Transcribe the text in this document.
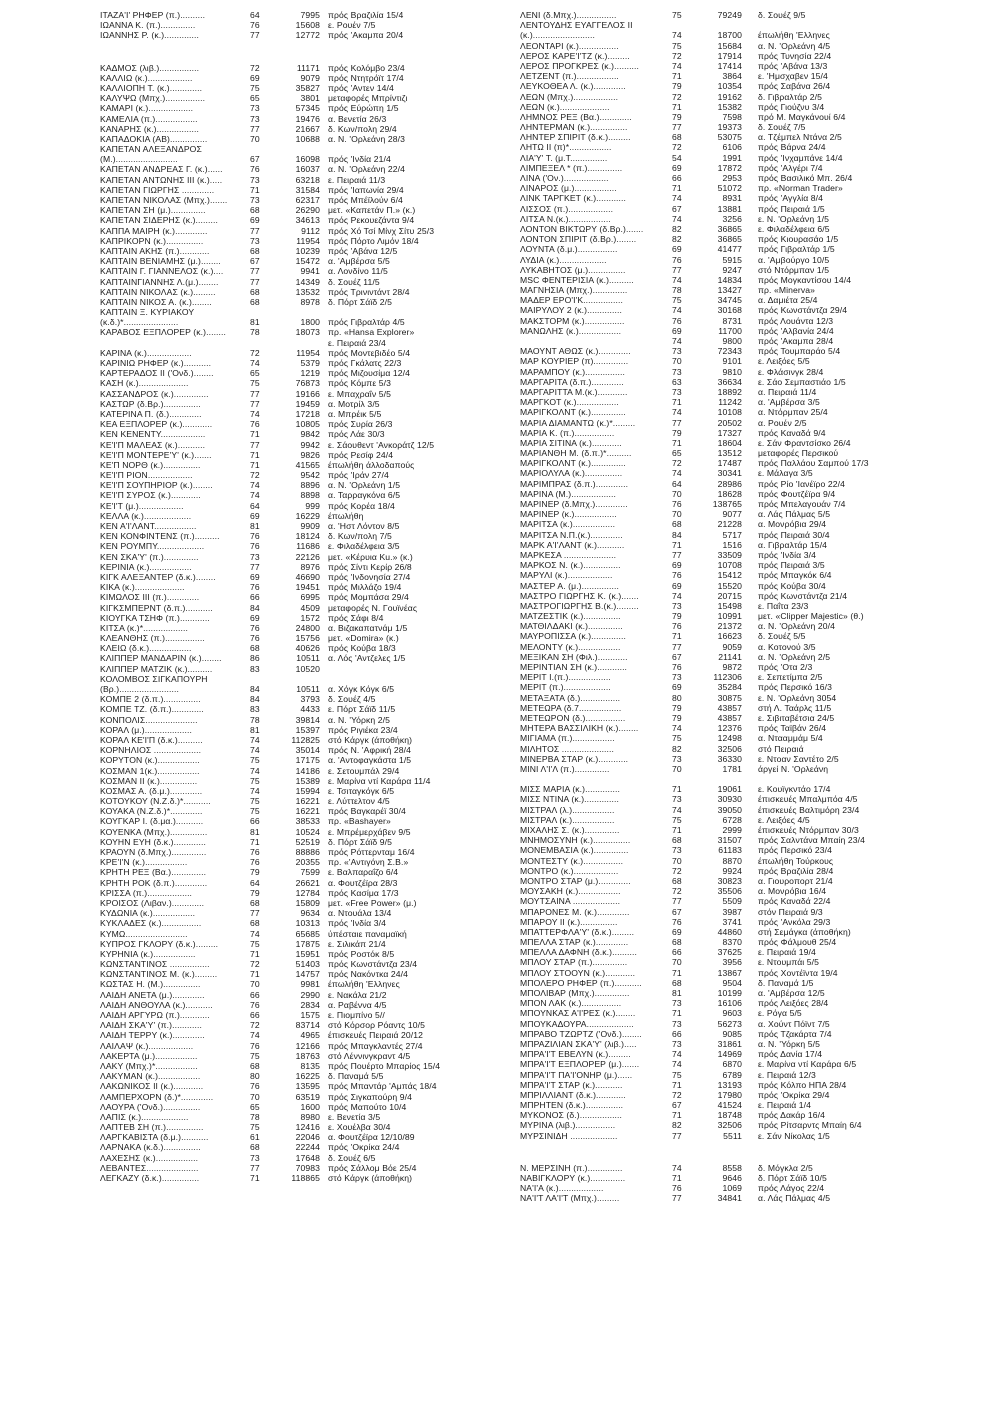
ΙΤΑΖΑ'Ι' ΡΗΦΕΡ (π.)..........	64	7995 πρός Βραζιλία 15/4
ΙΩΑΝΝΑ Κ. (π.)..............	76	15608 ε. Ρουέν 7/5
ΙΩΑΝΝΗΣ Ρ. (κ.)..............	77	12772 πρός 'Ακαμπα 20/4
ΚΑΔΜΟΣ (λιβ.)................	72	11171 πρός Κολόμβο 23/4
ΚΑΛΛΙΩ (κ.)..................	69	9079 πρός Ντητρόϊτ 17/4
ΚΑΛΛΙΟΠΗ Τ. (κ.).............	75	35827 πρός 'Αντεν 14/4
ΚΑΛΥΨΩ (Μπχ.)................	65	3801 μεταφορές Μπρίντιζι
ΚΑΜΑΡΙ (κ.)..................	73	57345 πρός Εύρώπη 1/5
ΚΑΜΕΛΙΑ (π.).................	73	19476 α. Βενετία 26/3
ΚΑΝΑΡΗΣ (κ.).................	77	21667 δ. Κων/πολη 29/4
ΚΑΠΑΔΟΚΙΑ (ΑΒ)...............	70	10688 α. Ν. 'Ορλεάνη 28/3
ΚΑΠΕΤΑΝ ΑΛΕΞΑΝΔΡΟΣ
(Μ.).........................	67	16098 πρός 'Ινδία 21/4
ΚΑΠΕΤΑΝ ΑΝΔΡΕΑΣ Γ. (κ.)......	76	16037 α. Ν. 'Ορλεάνη 22/4
ΚΑΠΕΤΑΝ ΑΝΤΩΝΗΣ ΙΙΙ (κ.).....	73	63218 ε. Πειραιά 11/3
ΚΑΠΕΤΑΝ ΓΙΩΡΓΗΣ .............	71	31584 πρός 'Ιαπωνία 29/4
ΚΑΠΕΤΑΝ ΝΙΚΟΛΑΣ (Μπχ.).......	73	62317 πρός Μπέϊλούν 6/4
ΚΑΠΕΤΑΝ ΣΗ (μ.)..............	68	26290 μετ. «Καπετάν Π.» (κ.)
ΚΑΠΕΤΑΝ ΣΙΔΕΡΗΣ (κ.).........	69	34613 πρός Ρεκουεζάντα 9/4
ΚΑΠΠΑ ΜΑΙΡΗ (κ.).............	77	9112 πρός Χό Τσί Μίνχ Σίτυ 25/3
ΚΑΠΡΙΚΟΡΝ (κ.)...............	73	11954 πρός Πόρτο Λιμόν 18/4
ΚΑΠΤΑΙΝ ΑΚΗΣ (π.)............	68	10239 πρός 'Αβάνα 12/5
ΚΑΠΤΑΙΝ ΒΕΝΙΑΜΗΣ (μ.)........	67	15472 α. 'Αμβέρσα 5/5
ΚΑΠΤΑΙΝ Γ. ΓΙΑΝΝΕΛΟΣ (κ.)....	77	9941 α. Λονδίνο 11/5
ΚΑΠΤΑΙΝΓΙΑΝΝΗΣ Λ.(μ.)........	77	14349 δ. Σουέζ 11/5
ΚΑΠΤΑΙΝ ΝΙΚΟΛΑΣ (κ.).........	68	13532 πρός Τρινιντάντ 28/4
ΚΑΠΤΑΙΝ ΝΙΚΟΣ Α. (κ.)........	68	8978 δ. Πόρτ Σάϊδ 2/5
ΚΑΠΤΑΙΝ Ξ. ΚΥΡΙΑΚΟΥ
(κ.δ.)*......................	81	1800 πρός Γιβραλτάρ 4/5
ΚΑΡΑΒΟΣ ΕΞΠΛΟΡΕΡ (κ.)........	78	18073 πρ. «Hansa Explorer»
ε. Πειραιά 23/4
ΚΑΡΙΝΑ (κ.)..................	72	11954 πρός Μοντεβιδέο 5/4
ΚΑΡΙΝΙΩ ΡΗΦΕΡ (κ.)...........	74	5379 πρός Γκάλατς 22/3
ΚΑΡΤΕΡΑΔΟΣ ΙΙ ('Ονδ.)........	65	1219 πρός Μιζουσίμα 12/4
ΚΑΣΗ (κ.)....................	75	76873 πρός Κόμπε 5/3
ΚΑΣΣΑΝΔΡΟΣ (κ.)..............	77	19166 ε. Μπαχραΐν 5/5
ΚΑΣΤΩΡ (δ.Βρ.)...............	77	19459 α. Μοτρίλ 3/5
ΚΑΤΕΡΙΝΑ Π. (δ.).............	74	17218 α. Μπρέικ 5/5
ΚΕΑ ΕΞΠΛΟΡΕΡ (κ.)............	76	10805 πρός Συρία 26/3
ΚΕΝ ΚΕΝΕΝΤΥ..................	71	9842 πρός Λάε 30/3
ΚΕ'Ι'Π ΜΑΛΕΑΣ (κ.)...........	77	9942 ε. Σάουθεντ 'Ανκοράτζ 12/5
ΚΕ'Ι'Π ΜΟΝΤΕΡΕ'Υ' (κ.).......	71	9826 πρός Ρεσίφ 24/4
ΚΕ'Π ΝΟΡΘ (κ.)...............	71	41565 έπωλήθη άλλοδαπούς
ΚΕ'Ι'Π ΡΙΟΝ..................	72	9542 πρός 'Ιράν 27/4
ΚΕ'Ι'Π ΣΟΥΠΗΡΙΟΡ (κ.)........	74	8896 α. Ν. 'Ορλεάνη 1/5
ΚΕ'Ι'Π ΣΥΡΟΣ (κ.)............	74	8898 α. Ταρραγκόνα 6/5
ΚΕ'Ι'Τ (μ.)..................	64	999 πρός Κορέα 18/4
ΚΕΛΛΑ (κ.)...................	69	16229 έπωλήθη
ΚΕΝ Α'Ι'ΛΑΝΤ.................	81	9909 α. 'Ηστ Λόντον 8/5
ΚΕΝ ΚΟΝΦΙΝΤΕΝΣ (π.)..........	76	18124 δ. Κων/πολη 7/5
ΚΕΝ ΡΟΥΜΠΥ...................	76	11686 ε. Φιλαδέλφεια 3/5
ΚΕΝ ΣΚΑ'Υ' (π.)..............	73	22126 μετ. «Κέρυια Ku.» (κ.)
ΚΕΡΙΝΙΑ (κ.).................	77	8976 πρός Σίντι Κερίρ 26/8
ΚΙΓΚ ΑΛΕΞΑΝΤΕΡ (δ.κ.)........	69	46690 πρός 'Ινδονησία 27/4
ΚΙΚΑ (κ.)....................	76	19451 πρός Μιλλάζο 19/4
ΚΙΜΩΛΟΣ ΙΙΙ (π.).............	66	6995 πρός Μομπάσα 29/4
ΚΙΓΚΣΜΠΕΡΝΤ (δ.π.)...........	84	4509 μεταφορές Ν. Γουϊνέας
ΚΙΟΥΓΚΑ ΤΣΗΦ (π.)............	69	1572 πρός Σάφι 8/4
ΚΙΤΣΑ (κ.)*..................	76	24800 α. Βιζακαπατνάμ 1/5
ΚΛΕΑΝΘΗΣ (π.)................	76	15756 μετ. «Domira» (κ.)
ΚΛΕΙΩ (δ.κ.).................	68	40626 πρός Κούβα 18/3
ΚΛΙΠΠΕΡ ΜΑΝΔΑΡΙΝ (κ.)........	86	10511 α. Λός 'Αντζελες 1/5
ΚΛΙΠΠΕΡ ΜΑΤΖΙΚ (κ.)..........	83	10520
ΚΟΛΟΜΒΟΣ ΣΙΓΚΑΠΟΥΡΗ
(Βρ.)........................	84	10511 α. Χόγκ Κόγκ 6/5
ΚΟΜΠΕ 2 (δ.π.)...............	84	3793 δ. Σουέζ 4/5
ΚΟΜΠΕ ΤΖ. (δ.π.).............	83	4433 ε. Πόρτ Σάϊδ 11/5
ΚΟΝΠΟΛΙΣ.....................	78	39814 α. Ν. 'Υόρκη 2/5
ΚΟΡΑΛ (μ.)...................	81	15397 πρός Ριγιέκα 23/4
ΚΟΡΑΛ ΚΕ'Ι'Π (δ.κ.)..........	74	112825 στό Κάργκ (άποθήκη)
ΚΟΡΝΗΛΙΟΣ ...................	74	35014 πρός Ν. 'Αφρική 28/4
ΚΟΡΥΤΟΝ (κ.).................	75	17175 α. 'Αντοφαγκάστα 1/5
ΚΟΣΜΑΝ 1(κ.).................	74	14186 ε. Σετουμπάλ 29/4
ΚΟΣΜΑΝ ΙΙ (κ.)...............	75	15389 ε. Μαρίνα ντί Καράρα 11/4
ΚΟΣΜΑΣ Α. (δ.μ.).............	74	15994 ε. Τσιταγκόγκ 6/5
ΚΟΤΟΥΚΟΥ (Ν.Ζ.δ.)*...........	75	16221 ε. Λύττελτον 4/5
ΚΟΥΑΚΑ (Ν.Ζ.δ.)*.............	75	16221 πρός Βαγκαρέϊ 30/4
ΚΟΥΓΚΑΡ Ι. (δ.μα.)...........	66	38533 πρ. «Bashayer»
ΚΟΥΕΝΚΑ (Μπχ.)...............	81	10524 ε. Μπρέμερχάβεν 9/5
ΚΟΥΗΝ ΕΥΗ (δ.κ.).............	71	52519 δ. Πόρτ Σάϊδ 9/5
ΚΡΑΟΥΝ (δ.Μπχ.)..............	76	88886 πρός Ρόττερνταμ 16/4
ΚΡΕ'Ι'Ν (κ.).................	76	20355 πρ. «'Αντιγόνη Σ.Β.»
ΚΡΗΤΗ ΡΕΞ (Βα.)..............	79	7599 ε. Βαλπαραΐζο 6/4
ΚΡΗΤΗ ΡΟΚ (δ.π.).............	64	26621 α. Φουτζέϊρα 28/3
ΚΡΙΣΣΑ (π.)..................	79	12784 πρός Κασίμα 17/3
ΚΡΟΙΣΟΣ (Λιβαν.).............	68	15809 μετ. «Free Power» (μ.)
ΚΥΔΩΝΙΑ (κ.).................	77	9634 α. Ντουάλα 13/4
ΚΥΚΛΑΔΕΣ (κ.)................	68	10313 πρός 'Ινδία 3/4
ΚΥΜΩ.........................	74	65685 ύπέσταιε παναμαϊκή
ΚΥΠΡΟΣ ΓΚΛΟΡΥ (δ.κ.).........	75	17875 ε. Σιλικάπ 21/4
ΚΥΡΗΝΙΑ (κ.).................	71	15951 πρός Ροστόκ 8/5
ΚΩΝΣΤΑΝΤΙΝΟΣ ................	72	51403 πρός Κωνστάντζα 23/4
ΚΩΝΣΤΑΝΤΙΝΟΣ Μ. (κ.).........	71	14757 πρός Νακόντκα 24/4
ΚΩΣΤΑΣ Η. (Μ.)...............	70	9981 έπωλήθη 'Ελληνες
ΛΑΙΔΗ ΑΝΕΤΑ (μ.).............	66	2990 ε. Νακάλα 21/2
ΛΑΙΔΗ ΑΝΘΟΥΛΑ (κ.)...........	76	2834 α. Ραβέννα 4/5
ΛΑΙΔΗ ΑΡΓΥΡΩ (π.)............	66	1575 ε. Πιομπίνο 5//
ΛΑΙΔΗ ΣΚΑ'Υ' (π.)............	72	83714 στό Κόρσορ Ρόαντς 10/5
ΛΑΙΔΗ ΤΕΡΡΥ (κ.).............	74	4965 έπισκευές Πειραιά 20/12
ΛΑΙΛΑΨ (κ.)..................	76	12166 πρός Μπαγκλαντές 27/4
ΛΑΚΕΡΤΑ (μ.).................	75	18763 στό Λέννινγκραντ 4/5
ΛΑΚΥ (Μπχ.)*.................	68	8135 πρός Πουέρτο Μπαρίος 15/4
ΛΑΚΥΜΑΝ (κ.).................	80	16225 δ. Παναμά 5/5
ΛΑΚΩΝΙΚΟΣ ΙΙ (κ.)............	76	13595 πρός Μπαντάρ 'Αμπάς 18/4
ΛΑΜΠΕΡΧΟΡΝ (δ.)*.............	70	63519 πρός Σιγκαπούρη 9/4
ΛΑΟΥΡΑ ('Ονδ.)...............	65	1600 πρός Μαπούτο 10/4
ΛΑΠΙΣ (κ.)...................	78	8980 ε. Βενετία 3/5
ΛΑΠΤΕΒ ΣΗ (π.)...............	75	12416 ε. Χουέλβα 30/4
ΛΑΡΓΚΑΒΙΣΤΑ (δ.μ.)...........	61	22046 α. Φουτζέϊρα 12/10/89
ΛΑΡΝΑΚΑ (κ.δ.)...............	68	22244 πρός 'Οκρίκα 24/4
ΛΑΧΕΣΗΣ (κ.).................	73	17648 δ. Σουέζ 6/5
ΛΕΒΑΝΤΕΣ.....................	77	70983 πρός Σάλλομ Βόε 25/4
ΛΕΓΚΑΖΥ (δ.κ.)...............	71	118865 στό Κάργκ (άποθήκη)
ΛΕΝΙ (δ.Μπχ.)................	75	79249 δ. Σουέζ 9/5
ΛΕΝΤΟΥΔΗΣ ΕΥΑΓΓΕΛΟΣ ΙΙ
(κ.).........................	74	18700 έπωλήθη 'Ελληνες
ΛΕΟΝΤΑΡΙ (κ.)................	75	15684 α. Ν. 'Ορλεάνη 4/5
ΛΕΡΟΣ ΚΑΡΕ'Ι'ΤΖ (κ.).........	72	17914 πρός Τυνησία 22/4
ΛΕΡΟΣ ΠΡΟΓΚΡΕΣ (κ.)..........	74	17414 πρός 'Αβάνα 13/3
ΛΕΤΖΕΝΤ (π.).................	71	3864 ε. 'Ημσχαβεν 15/4
ΛΕΥΚΟΘΕΑ Λ. (κ.).............	79	10354 πρός Σαβάνα 26/4
ΛΕΩΝ (Μπχ.)..................	72	19162 δ. Γιβραλτάρ 2/5
ΛΕΩΝ (κ.)....................	71	15382 πρός Γιούζνυ 3/4
ΛΗΜΝΟΣ ΡΕΞ (Βα.).............	79	7598 πρό Μ. Μαγκάνουί 6/4
ΛΗΝΤΕΡΜΑΝ (κ.)...............	77	19373 δ. Σουέζ 7/5
ΛΗΝΤΕΡ ΣΠΙΡΙΤ (δ.κ.).........	68	53075 α. Τζέμπελ Ντάνα 2/5
ΛΗΤΩ ΙΙ (π)*.................	72	6106 πρός Βάρνα 24/4
ΛΙΑ'Υ' Τ. (μ.Τ...............	54	1991 πρός 'Ινχαμπάνε 14/4
ΛΙΜΠΕΞΕΛ * (π.)..............	69	17872 πρός 'Αλγέρι 7/4
ΛΙΝΑ ('Ον.)..................	66	2953 πρός Βασιλικό Μπ. 26/4
ΛΙΝΑΡΟΣ (μ.).................	71	51072 πρ. «Norman Trader»
ΛΙΝΚ ΤΑΡΓΚΕΤ (κ.)............	74	8931 πρός 'Αγγλία 8/4
ΛΙΣΣΟΣ (π.)..................	67	13881 πρός Πειραιά 1/5
ΛΙΤΣΑ Ν.(κ.).................	74	3256 ε. Ν. 'Ορλεάνη 1/5
ΛΟΝΤΟΝ ΒΙΚΤΩΡΥ (δ.Βρ.).......	82	36865 ε. Φιλαδέλφεια 6/5
ΛΟΝΤΟΝ ΣΠΙΡΙΤ (δ.Βρ.)........	82	36865 πρός Κιουρασάο 1/5
ΛΟΥΝΤΑ (δ.μ.)................	69	41477 πρός Γιβραλτάρ 1/5
ΛΥΔΙΑ (κ.)...................	76	5915 α. 'Αμβούργο 10/5
ΛΥΚΑΒΗΤΟΣ (μ.)...............	77	9247 στό Ντόρμπαν 1/5
MSC ΦΕΝΤΕΡΙΣΙΑ (κ.)..........	74	14834 πρός Μογκαντίσου 14/4
ΜΑΓΝΗΣΙΑ (Μπχ.)..............	78	13427 πρ. «Minerva»
ΜΑΔΕΡ ΕΡΟ'Ι'Κ................	75	34745 α. Δαμιέτα 25/4
ΜΑΙΡΥΛΟΥ 2 (κ.)..............	74	30168 πρός Κωνστάντζα 29/4
ΜΑΚΣΤΟΡΜ (κ.)................	76	8731 πρός Λουάντα 12/3
ΜΑΝΩΛΗΣ (κ.).................	69	11700 πρός 'Αλβανία 24/4
74	9800 πρός 'Ακαμπα 28/4
ΜΑΟΥΝΤ ΑΘΩΣ (κ.).............	73	72343 πρός Τουμπαράο 5/4
ΜΑΡ ΚΟΥΡΙΕΡ (π)..............	70	9101 ε. Λειξόες 5/5
ΜΑΡΑΜΠΟΥ (κ.)................	73	9810 ε. Φλάσινγκ 28/4
ΜΑΡΓΑΡΙΤΑ (δ.π.).............	63	36634 ε. Σάο Σεμπαστιάο 1/5
ΜΑΡΓΑΡΙΤΤΑ Μ.(κ.)............	73	18892 α. Πειραιά 11/4
ΜΑΡΓΚΟΤ (κ.).................	71	11242 α. 'Αμβέρσα 3/5
ΜΑΡΙΓΚΟΛΝΤ (κ.)..............	74	10108 α. Ντόρμπαν 25/4
ΜΑΡΙΑ ΔΙΑΜΑΝΤΩ (κ.)*.........	77	20502 α. Ρουέν 2/5
ΜΑΡΙΑ Κ. (π.)................	79	17327 πρός Καναδά 9/4
ΜΑΡΙΑ ΣΙΤΙΝΑ (κ.)............	71	18604 ε. Σάν Φραντσίσκο 26/4
ΜΑΡΙΑΝΘΗ Μ. (δ.π.)*..........	65	13512 μεταφορές Περσικού
ΜΑΡΙΓΚΟΛΝΤ (κ.)..............	72	17487 πρός Παλλάου Σαμπού 17/3
ΜΑΡΙΟΛΥΛΑ (κ.)...............	74	30341 ε. Μάλαγα 3/5
ΜΑΡΙΜΠΡΑΣ (δ.π.).............	64	28986 πρός Ρίο 'Ιανέϊρο 22/4
ΜΑΡΙΝΑ (Μ.)..................	70	18628 πρός Φουτζέϊρα 9/4
ΜΑΡΙΝΕΡ (δ.Μπχ.).............	76	138765 πρός Μπελαγουάν 7/4
ΜΑΡΙΝΕΡ (κ.).................	70	9077 α. Λάς Πάλμας 5/5
ΜΑΡΙΤΣΑ (κ.).................	68	21228 α. Μονρόβια 29/4
ΜΑΡΙΤΣΑ Ν.Π.(κ.).............	84	5717 πρός Πειραιά 30/4
ΜΑΡΚ Α'Ι'ΛΑΝΤ (κ.)...........	71	1516 α. Γιβραλτάρ 15/4
ΜΑΡΚΕΣΑ .....................	77	33509 πρός 'Ινδία 3/4
ΜΑΡΚΟΣ Ν. (κ.)...............	69	10708 πρός Πειραιά 3/5
ΜΑΡΥΛΙ (κ.)..................	76	15412 πρός Μπαγκόκ 6/4
ΜΑΣΤΕΡ Α. (μ.)...............	69	15520 πρός Κούβα 30/4
ΜΑΣΤΡΟ ΓΙΩΡΓΗΣ Κ. (κ.).......	74	20715 πρός Κωνστάντζα 21/4
ΜΑΣΤΡΟΓΙΩΡΓΗΣ Β.(κ.).........	73	15498 ε. Παΐτα 23/3
ΜΑΤΖΕΣΤΙΚ (κ.)...............	79	10991 μετ. «Clipper Majestic» (θ.)
ΜΑΤΘΙΛΔΑΚΙ (κ.)..............	76	21372 α. Ν. 'Ορλεάνη 20/4
ΜΑΥΡΟΠΙΣΣΑ (κ.)..............	71	16623 δ. Σουέζ 5/5
ΜΕΛΟΝΤΥ (κ.).................	77	9059 α. Κοτονού 3/5
ΜΕΞΙΚΑΝ ΣΗ (Φιλ.)............	67	21141 α. Ν. 'Ορλεάνη 2/5
ΜΕΡΙΝΤΙΑΝ ΣΗ (κ.)............	76	9872 πρός 'Οτα 2/3
ΜΕΡΙΤ Ι.(π.).................	73	112306 ε. Σεπετίμπα 2/5
ΜΕΡΙΤ (π.)...................	69	35284 πρός Περσικό 16/3
ΜΕΤΑΞΑΤΑ (δ.)................	80	30875 ε. Ν. 'Ορλεάνη 3054
ΜΕΤΕΩΡΑ (δ.7.................	79	43857 στή Λ. Ταάρλς 11/5
ΜΕΤΕΩΡΟΝ (δ.)................	79	43857 ε. Σιβιταβέτσια 24/5
ΜΗΤΕΡΑ ΒΑΣΣΙΛΙΚΗ (κ.)........	74	12376 πρός Ταϊβάν 26/4
ΜΙΓΙΑΜΑ (π.).................	75	12498 α. Ντααμμάμ 5/4
ΜΙΛΗΤΟΣ .....................	82	32506 στό Πειραιά
ΜΙΝΕΡΒΑ ΣΤΑΡ (κ.)............	73	36330 ε. Ντοαν Σαντέτο 2/5
ΜΙΝΙ Λ'Ι'Λ (π.)..............	70	1781 άργεί Ν. 'Ορλεάνη
ΜΙΣΣ ΜΑΡΙΑ (κ.)..............	71	19061 ε. Κουϊγκντάο 17/4
ΜΙΣΣ ΝΤΙΝΑ (κ.)..............	73	30930 έπισκευές Μπαλμπόα 4/5
ΜΙΣΤΡΑΛ (λ.).................	74	39050 έπισκευές Βαλτιμόρη 23/4
ΜΙΣΤΡΑΛ (κ.).................	75	6728 ε. Λειξόες 4/5
ΜΙΧΑΛΗΣ Σ. (κ.)..............	71	2999 έπισκευές Ντόρμπαν 30/3
ΜΝΗΜΟΣΥΝΗ (κ.)...............	68	31507 πρός Σαλντάνα Μπαίη 23/4
ΜΟΝΕΜΒΑΣΙΑ (κ.)..............	73	61183 πρός Περσικό 23/4
ΜΟΝΤΕΣΤΥ (κ.)................	70	8870 έπωλήθη Τούρκους
ΜΟΝΤΡΟ (κ.)..................	72	9924 πρός Βραζιλία 28/4
ΜΟΝΤΡΟ ΣΤΑΡ (μ.).............	68	30823 α. Γιουροπορτ 21/4
ΜΟΥΣΑΚΗ (κ.).................	72	35506 α. Μονρόβια 16/4
ΜΟΥΤΣΑΙΝΑ ...................	77	5509 πρός Καναδά 22/4
ΜΠΑΡΟΝΕΣ Μ. (κ.).............	67	3987 στόν Πειραιά 9/3
ΜΠΑΡΟΥ ΙΙ (κ.)...............	76	3741 πρός 'Ανκόλα 29/3
ΜΠΑΤΤΕΡΦΛΑ'Υ' (δ.κ.).........	69	44860 στή Σεμάγκα (άποθήκη)
ΜΠΕΛΛΑ ΣΤΑΡ (κ.).............	68	8370 πρός Φάλμουθ 25/4
ΜΠΕΛΛΑ ΔΑΦΝΗ (δ.κ.)..........	66	37625 ε. Πειραιά 19/4
ΜΠΛΟΥ ΣΤΑΡ (π.)..............	70	3956 ε. Ντουμπάι 5/5
ΜΠΛΟΥ ΣΤΟΟΥΝ (κ.)............	71	13867 πρός Χοντέϊντα 19/4
ΜΠΟΛΕΡΟ ΡΗΦΕΡ (π.)...........	68	9504 δ. Παναμά 1/5
ΜΠΟΛΙΒΑΡ (Μπχ.)..............	81	10199 α. 'Αμβέρσα 12/5
ΜΠΟΝ ΛΑΚ (κ.)................	73	16106 πρός Λειξόες 28/4
ΜΠΟΥΝΚΑΣ Α'Ι'ΡΕΣ (κ.)........	71	9603 ε. Ρόγα 5/5
ΜΠΟΥΚΑΔΟΥΡΑ...................	73	56273 α. Χούντ Πόϊντ 7/5
ΜΠΡΑΒΟ ΤΖΩΡΤΖ ('Ονδ.)........	66	9085 πρός Τζακάρτα 7/4
ΜΠΡΑΖΙΛΙΑΝ ΣΚΑ'Υ' (λιβ.).....	73	31861 α. Ν. 'Υόρκη 5/5
ΜΠΡΑ'Ι'Τ ΕΒΕΛΥΝ (κ.).........	74	14969 πρός Δανία 17/4
ΜΠΡΑ'Ι'Τ ΕΞΠΛΟΡΕΡ (μ.).......	74	6870 ε. Μαρίνα ντί Καράρα 6/5
ΜΠΡΑ'Ι'Τ ΠΑ'Ι'ΟΝΗΡ (μ.)......	75	6789 ε. Πειραιά 12/3
ΜΠΡΑ'Ι'Τ ΣΤΑΡ (κ.)...........	71	13193 πρός Κόλπο ΗΠΑ 28/4
ΜΠΡΙΛΛΙΑΝΤ (δ.κ.)............	72	17980 πρός 'Οκρίκα 29/4
ΜΠΡΗΤΕΝ (δ.κ.)...............	67	41524 ε. Πειραιά 1/4
ΜΥΚΟΝΟΣ (δ.).................	71	18748 πρός Δακάρ 16/4
ΜΥΡΙΝΑ (λιβ.)................	82	32506 πρός Ρίτσαρντς Μπαίη 6/4
ΜΥΡΣΙΝΙΔΗ ...................	77	5511 ε. Σάν Νίκολας 1/5
Ν. ΜΕΡΣΙΝΗ (π.)..............	74	8558 δ. Μόγκλα 2/5
ΝΑΒΙΓΚΛΟΡΥ (κ.)..............	71	9646 δ. Πόρτ Σάϊδ 10/5
ΝΑ'Ι'Α (κ.)..................	76	1069 πρός Λάγος 22/4
ΝΑ'Ι'Τ ΛΑ'Ι'Τ (Μπχ.).........	77	34841 α. Λάς Πάλμας 4/5
